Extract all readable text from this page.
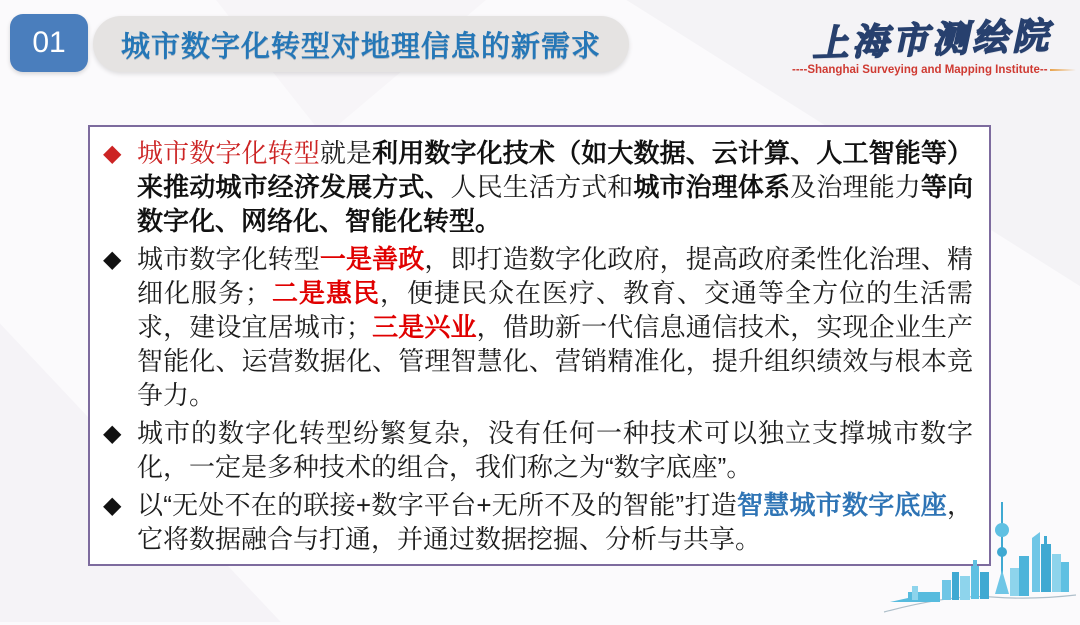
01 城市数字化转型对地理信息的新需求	上海市测绘院
----Shanghai Surveying and Mapping Institute--
◆ 城市数字化转型就是利用数字化技术（如大数据、云计算、人工智能等）来推动城市经济发展方式、人民生活方式和城市治理体系及治理能力等向数字化、网络化、智能化转型。
◆ 城市数字化转型一是善政，即打造数字化政府，提高政府柔性化治理、精细化服务；二是惠民，便捷民众在医疗、教育、交通等全方位的生活需求，建设宜居城市；三是兴业，借助新一代信息通信技术，实现企业生产智能化、运营数据化、管理智慧化、营销精准化，提升组织绩效与根本竞争力。
◆ 城市的数字化转型纷繁复杂，没有任何一种技术可以独立支撑城市数字化，一定是多种技术的组合，我们称之为“数字底座”。
◆ 以“无处不在的联接+数字平台+无所不及的智能”打造智慧城市数字底座，它将数据融合与打通，并通过数据挖掘、分析与共享。
